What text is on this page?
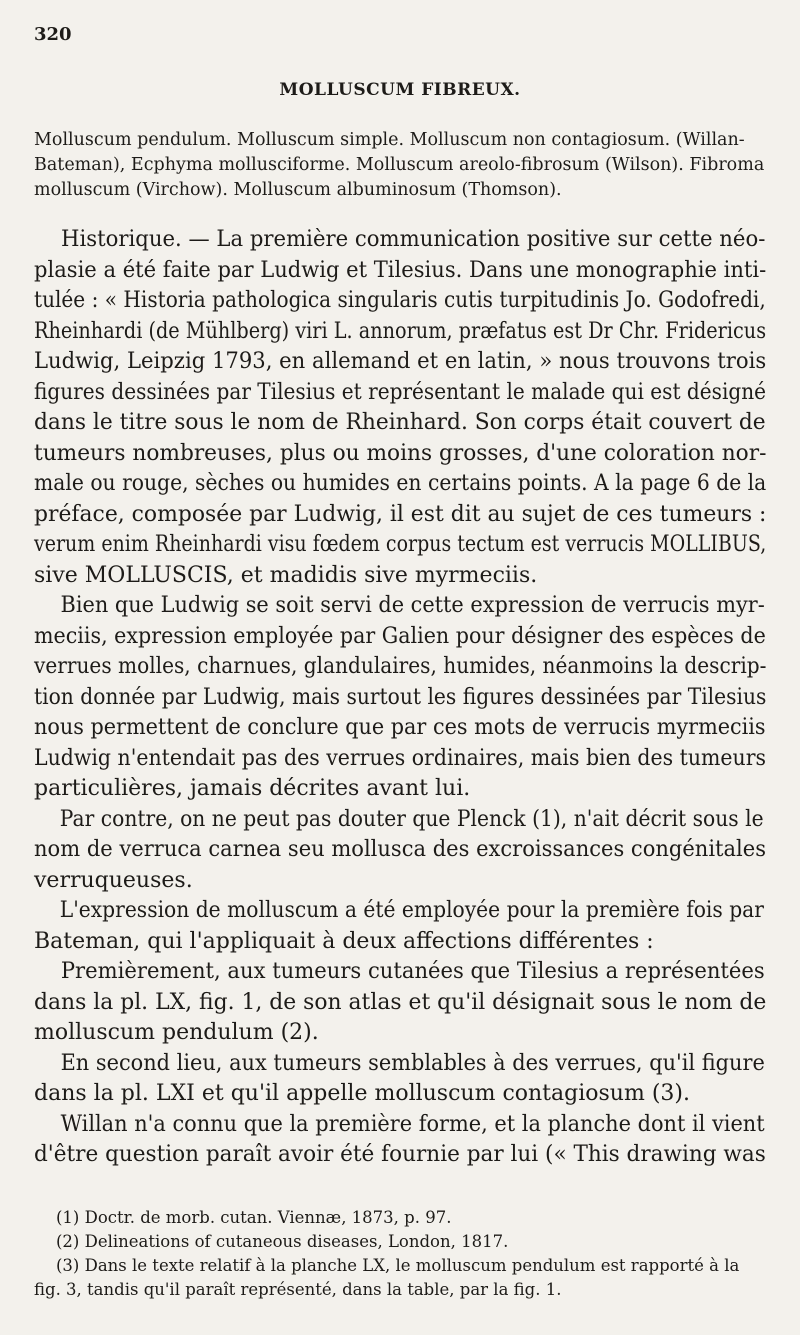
320
MOLLUSCUM FIBREUX.
Molluscum pendulum. Molluscum simple. Molluscum non contagiosum. (Willan-
Bateman), Ecphyma mollusciforme. Molluscum areolo-fibrosum (Wilson). Fibroma
molluscum (Virchow). Molluscum albuminosum (Thomson).
Historique. — La première communication positive sur cette néo-
plasie a été faite par Ludwig et Tilesius. Dans une monographie inti-
tulée : « Historia pathologica singularis cutis turpitudinis Jo. Godofredi,
Rheinhardi (de Mühlberg) viri L. annorum, præfatus est Dr Chr. Fridericus
Ludwig, Leipzig 1793, en allemand et en latin, » nous trouvons trois
figures dessinées par Tilesius et représentant le malade qui est désigné
dans le titre sous le nom de Rheinhard. Son corps était couvert de
tumeurs nombreuses, plus ou moins grosses, d'une coloration nor-
male ou rouge, sèches ou humides en certains points. A la page 6 de la
préface, composée par Ludwig, il est dit au sujet de ces tumeurs :
verum enim Rheinhardi visu fœdem corpus tectum est verrucis MOLLIBUS,
sive MOLLUSCIS, et madidis sive myrmeciis.
Bien que Ludwig se soit servi de cette expression de verrucis myr-
meciis, expression employée par Galien pour désigner des espèces de
verrues molles, charnues, glandulaires, humides, néanmoins la descrip-
tion donnée par Ludwig, mais surtout les figures dessinées par Tilesius
nous permettent de conclure que par ces mots de verrucis myrmeciis
Ludwig n'entendait pas des verrues ordinaires, mais bien des tumeurs
particulières, jamais décrites avant lui.
Par contre, on ne peut pas douter que Plenck (1), n'ait décrit sous le
nom de verruca carnea seu mollusca des excroissances congénitales
verruqueuses.
L'expression de molluscum a été employée pour la première fois par
Bateman, qui l'appliquait à deux affections différentes :
Premièrement, aux tumeurs cutanées que Tilesius a représentées
dans la pl. LX, fig. 1, de son atlas et qu'il désignait sous le nom de
molluscum pendulum (2).
En second lieu, aux tumeurs semblables à des verrues, qu'il figure
dans la pl. LXI et qu'il appelle molluscum contagiosum (3).
Willan n'a connu que la première forme, et la planche dont il vient
d'être question paraît avoir été fournie par lui (« This drawing was
(1) Doctr. de morb. cutan. Viennæ, 1873, p. 97.
(2) Delineations of cutaneous diseases, London, 1817.
(3) Dans le texte relatif à la planche LX, le molluscum pendulum est rapporté à la
fig. 3, tandis qu'il paraît représenté, dans la table, par la fig. 1.
